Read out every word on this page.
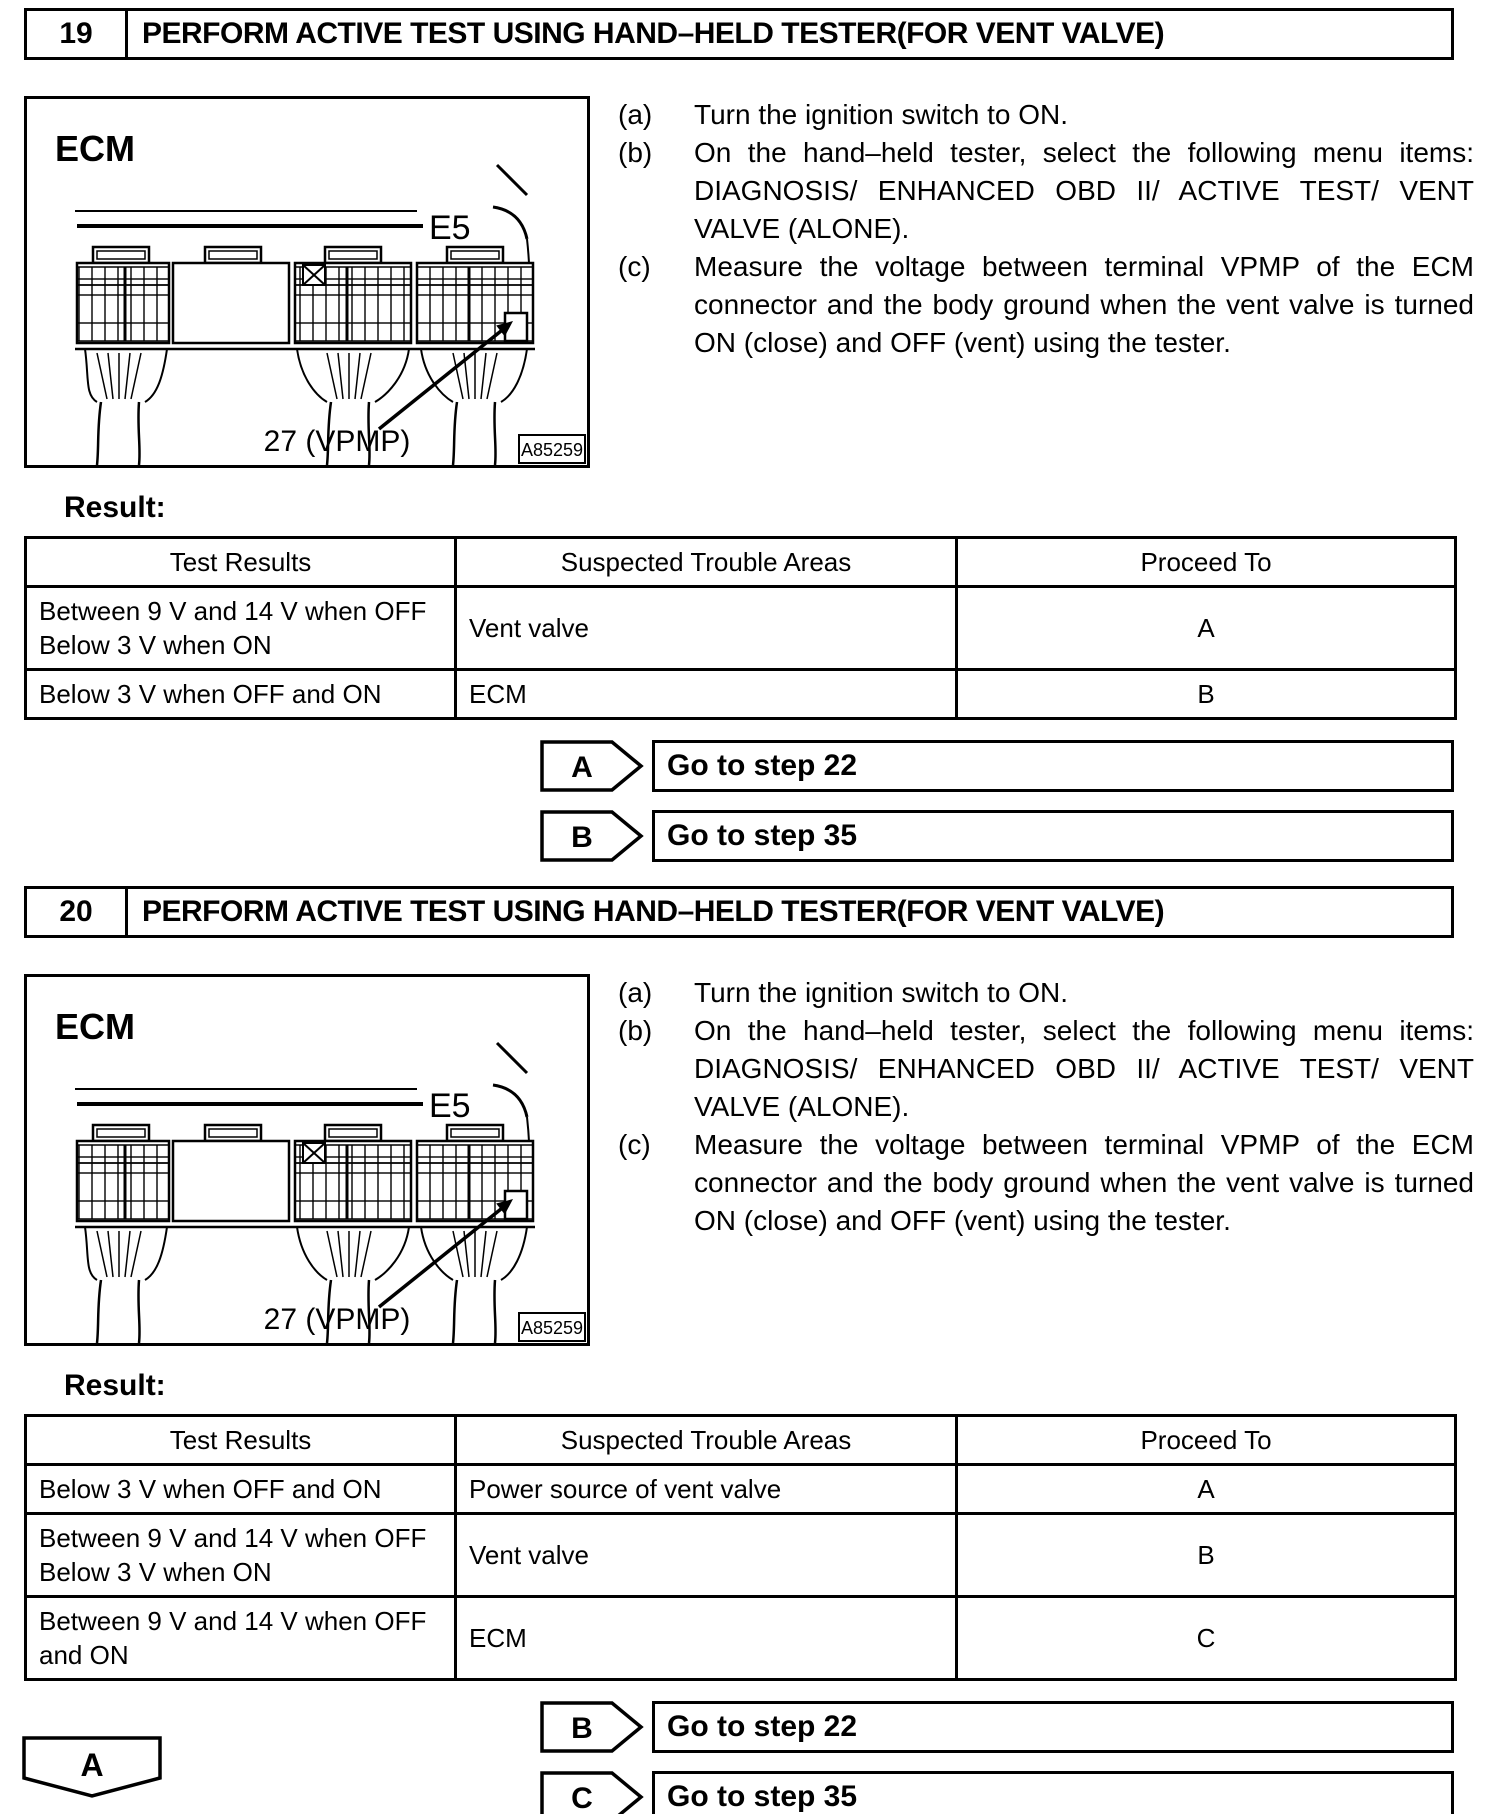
19	PERFORM ACTIVE TEST USING HAND–HELD TESTER(FOR VENT VALVE)
ECM
E5
27 (VPMP)	A85259
(a)	Turn the ignition switch to ON.
(b)	On the hand–held tester, select the following menu items: DIAGNOSIS/ ENHANCED OBD II/ ACTIVE TEST/ VENT VALVE (ALONE).
(c)	Measure the voltage between terminal VPMP of the ECM connector and the body ground when the vent valve is turned ON (close) and OFF (vent) using the tester.
Result:
Test Results	Suspected Trouble Areas	Proceed To

Between 9 V and 14 V when OFF
Below 3 V when ON	Vent valve	A
Below 3 V when OFF and ON	ECM	B
A	Go to step 22
B	Go to step 35
20	PERFORM ACTIVE TEST USING HAND–HELD TESTER(FOR VENT VALVE)
ECM
E5
27 (VPMP)	A85259
(a)	Turn the ignition switch to ON.
(b)	On the hand–held tester, select the following menu items: DIAGNOSIS/ ENHANCED OBD II/ ACTIVE TEST/ VENT VALVE (ALONE).
(c)	Measure the voltage between terminal VPMP of the ECM connector and the body ground when the vent valve is turned ON (close) and OFF (vent) using the tester.
Result:
Test Results	Suspected Trouble Areas	Proceed To
Below 3 V when OFF and ON	Power source of vent valve	A

Between 9 V and 14 V when OFF
Below 3 V when ON	Vent valve	B
Between 9 V and 14 V when OFF and ON	ECM	C
B	Go to step 22
C	Go to step 35
A
